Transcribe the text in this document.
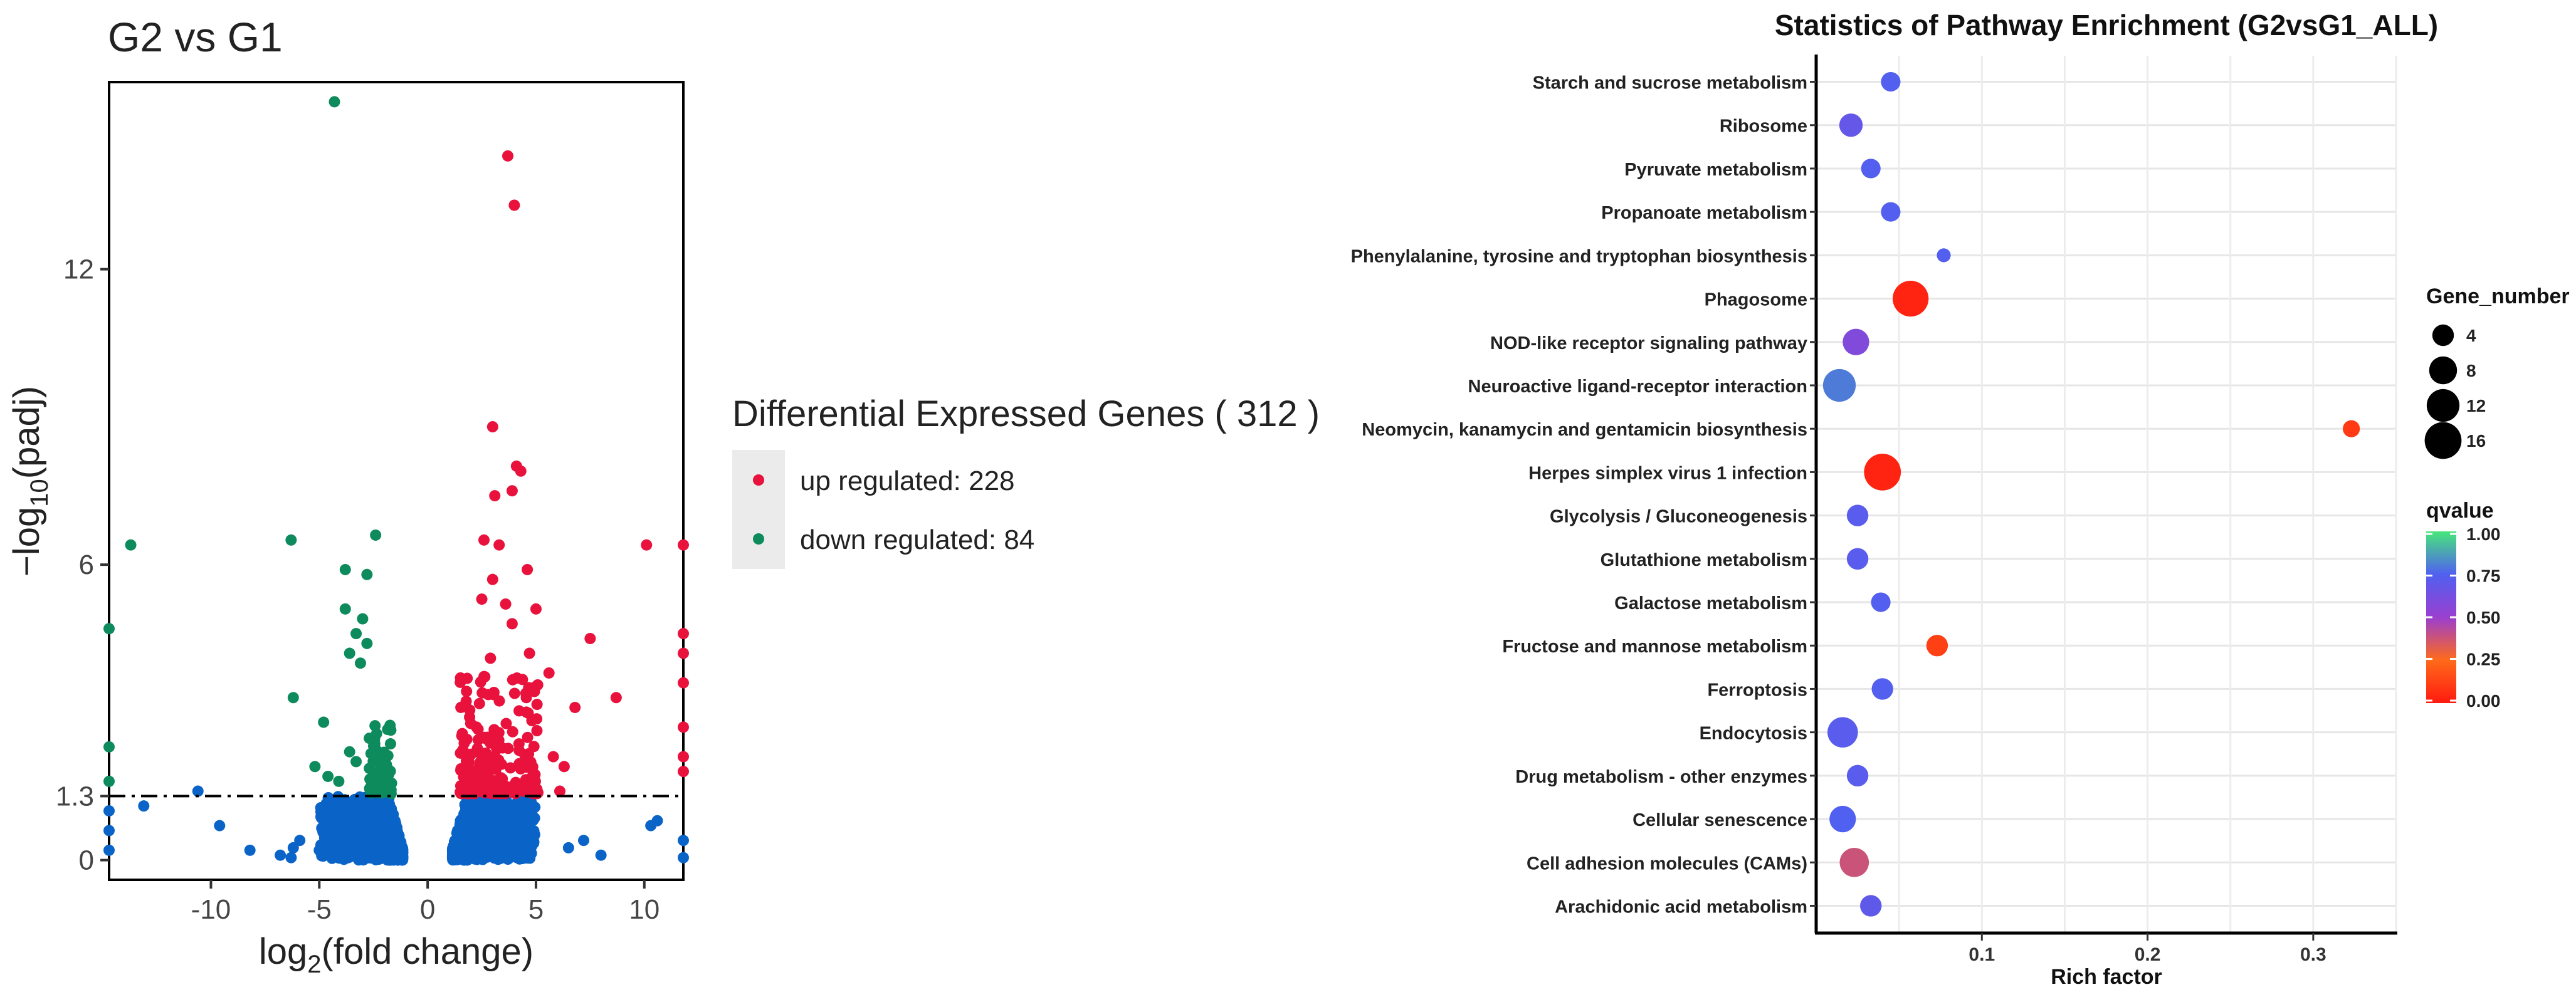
G2 vs G1
-10	-5	0	5	10
0
1.3
6
12
$\log_2(fold$ change)
$-\log_{10}(padj)$	Differential Expressed Genes ( 312 )
up regulated: 228
down regulated: 84
Statistics of Pathway Enrichment (G2vsG1_ALL)
Starch and sucrose metabolism
Ribosome
Pyruvate metabolism
Propanoate metabolism
Phenylalanine, tyrosine and tryptophan biosynthesis
Phagosome
NOD-like receptor signaling pathway
Neuroactive ligand-receptor interaction
Neomycin, kanamycin and gentamicin biosynthesis
Herpes simplex virus 1 infection
Glycolysis / Gluconeogenesis
Glutathione metabolism
Galactose metabolism
Fructose and mannose metabolism
Ferroptosis
Endocytosis
Drug metabolism - other enzymes
Cellular senescence
Cell adhesion molecules (CAMs)
Arachidonic acid metabolism
0.1	0.2	0.3
Rich factor
Gene_number
4
8
12
16
qvalue
1.00
0.75
0.50
0.25
0.00
